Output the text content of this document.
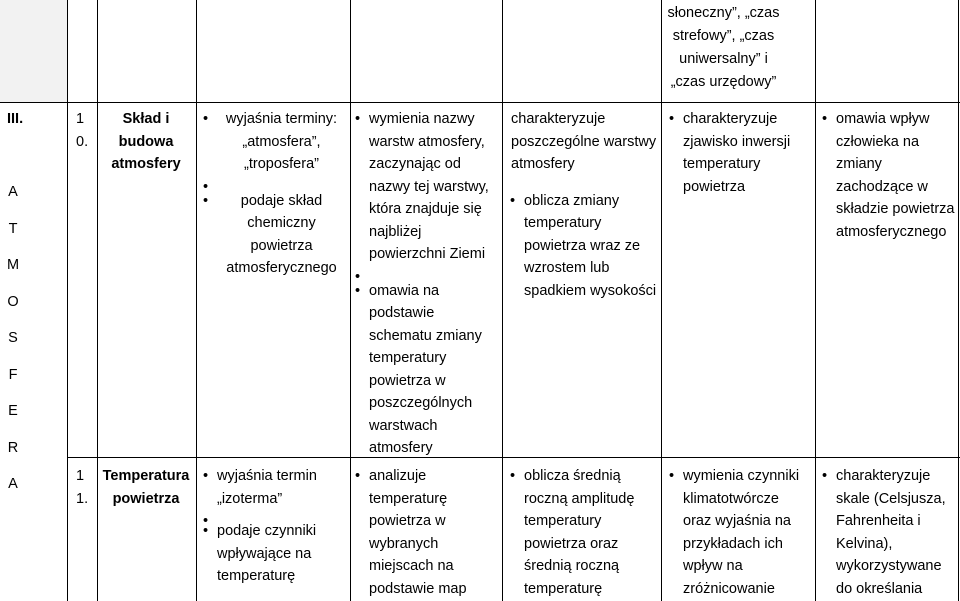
słoneczny”, „czas strefowy”, „czas uniwersalny” i „czas urzędowy”
III.
A
T
M
O
S
F
E
R
A
1
0.
Skład i budowa atmosfery
• wyjaśnia terminy: „atmosfera”, „troposfera”
•
• podaje skład chemiczny powietrza atmosferycznego
• wymienia nazwy warstw atmosfery, zaczynając od nazwy tej warstwy, która znajduje się najbliżej powierzchni Ziemi
•
• omawia na podstawie schematu zmiany temperatury powietrza w poszczególnych warstwach atmosfery
charakteryzuje poszczególne warstwy atmosfery
• oblicza zmiany temperatury powietrza wraz ze wzrostem lub spadkiem wysokości
• charakteryzuje zjawisko inwersji temperatury powietrza
• omawia wpływ człowieka na zmiany zachodzące w składzie powietrza atmosferycznego
1
1.
Temperatura powietrza
• wyjaśnia termin „izoterma”
•
• podaje czynniki wpływające na temperaturę
• analizuje temperaturę powietrza w wybranych miejscach na podstawie map
• oblicza średnią roczną amplitudę temperatury powietrza oraz średnią roczną temperaturę
• wymienia czynniki klimatotwórcze oraz wyjaśnia na przykładach ich wpływ na zróżnicowanie
• charakteryzuje skale (Celsjusza, Fahrenheita i Kelvina), wykorzystywane do określania
